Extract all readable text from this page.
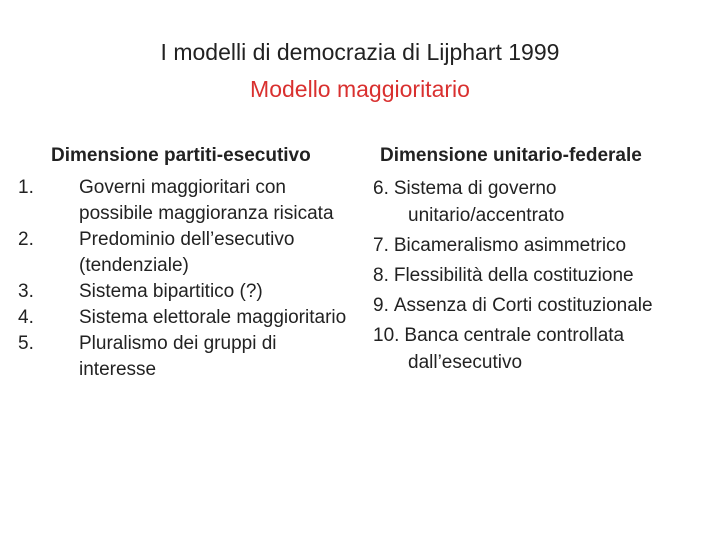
I modelli di democrazia di Lijphart 1999
Modello maggioritario
Dimensione partiti-esecutivo
1.	Governi maggioritari con possibile maggioranza risicata
2.	Predominio dell’esecutivo (tendenziale)
3.	Sistema bipartitico (?)
4.	Sistema elettorale maggioritario
5.	Pluralismo dei gruppi di interesse
Dimensione unitario-federale
6. Sistema di governo unitario/accentrato
7. Bicameralismo asimmetrico
8. Flessibilità della costituzione
9. Assenza di Corti costituzionale
10. Banca centrale controllata dall’esecutivo
